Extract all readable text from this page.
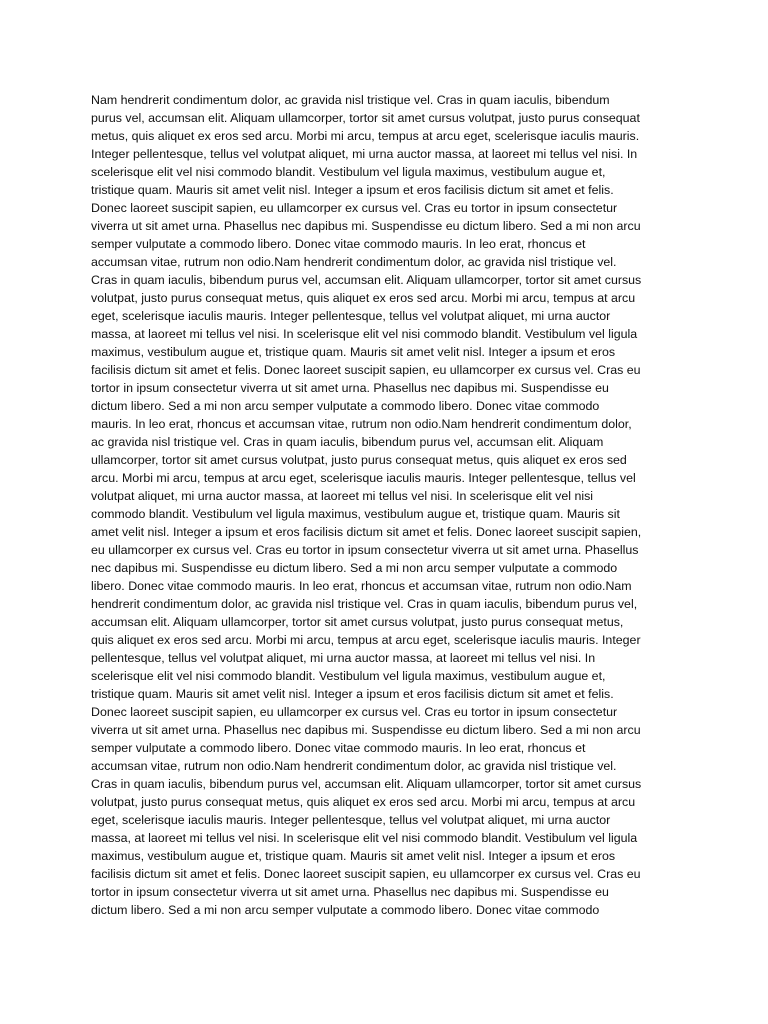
Nam hendrerit condimentum dolor, ac gravida nisl tristique vel. Cras in quam iaculis, bibendum
purus vel, accumsan elit. Aliquam ullamcorper, tortor sit amet cursus volutpat, justo purus consequat
metus, quis aliquet ex eros sed arcu. Morbi mi arcu, tempus at arcu eget, scelerisque iaculis mauris.
Integer pellentesque, tellus vel volutpat aliquet, mi urna auctor massa, at laoreet mi tellus vel nisi. In
scelerisque elit vel nisi commodo blandit. Vestibulum vel ligula maximus, vestibulum augue et,
tristique quam. Mauris sit amet velit nisl. Integer a ipsum et eros facilisis dictum sit amet et felis.
Donec laoreet suscipit sapien, eu ullamcorper ex cursus vel. Cras eu tortor in ipsum consectetur
viverra ut sit amet urna. Phasellus nec dapibus mi. Suspendisse eu dictum libero. Sed a mi non arcu
semper vulputate a commodo libero. Donec vitae commodo mauris. In leo erat, rhoncus et
accumsan vitae, rutrum non odio.Nam hendrerit condimentum dolor, ac gravida nisl tristique vel.
Cras in quam iaculis, bibendum purus vel, accumsan elit. Aliquam ullamcorper, tortor sit amet cursus
volutpat, justo purus consequat metus, quis aliquet ex eros sed arcu. Morbi mi arcu, tempus at arcu
eget, scelerisque iaculis mauris. Integer pellentesque, tellus vel volutpat aliquet, mi urna auctor
massa, at laoreet mi tellus vel nisi. In scelerisque elit vel nisi commodo blandit. Vestibulum vel ligula
maximus, vestibulum augue et, tristique quam. Mauris sit amet velit nisl. Integer a ipsum et eros
facilisis dictum sit amet et felis. Donec laoreet suscipit sapien, eu ullamcorper ex cursus vel. Cras eu
tortor in ipsum consectetur viverra ut sit amet urna. Phasellus nec dapibus mi. Suspendisse eu
dictum libero. Sed a mi non arcu semper vulputate a commodo libero. Donec vitae commodo
mauris. In leo erat, rhoncus et accumsan vitae, rutrum non odio.Nam hendrerit condimentum dolor,
ac gravida nisl tristique vel. Cras in quam iaculis, bibendum purus vel, accumsan elit. Aliquam
ullamcorper, tortor sit amet cursus volutpat, justo purus consequat metus, quis aliquet ex eros sed
arcu. Morbi mi arcu, tempus at arcu eget, scelerisque iaculis mauris. Integer pellentesque, tellus vel
volutpat aliquet, mi urna auctor massa, at laoreet mi tellus vel nisi. In scelerisque elit vel nisi
commodo blandit. Vestibulum vel ligula maximus, vestibulum augue et, tristique quam. Mauris sit
amet velit nisl. Integer a ipsum et eros facilisis dictum sit amet et felis. Donec laoreet suscipit sapien,
eu ullamcorper ex cursus vel. Cras eu tortor in ipsum consectetur viverra ut sit amet urna. Phasellus
nec dapibus mi. Suspendisse eu dictum libero. Sed a mi non arcu semper vulputate a commodo
libero. Donec vitae commodo mauris. In leo erat, rhoncus et accumsan vitae, rutrum non odio.Nam
hendrerit condimentum dolor, ac gravida nisl tristique vel. Cras in quam iaculis, bibendum purus vel,
accumsan elit. Aliquam ullamcorper, tortor sit amet cursus volutpat, justo purus consequat metus,
quis aliquet ex eros sed arcu. Morbi mi arcu, tempus at arcu eget, scelerisque iaculis mauris. Integer
pellentesque, tellus vel volutpat aliquet, mi urna auctor massa, at laoreet mi tellus vel nisi. In
scelerisque elit vel nisi commodo blandit. Vestibulum vel ligula maximus, vestibulum augue et,
tristique quam. Mauris sit amet velit nisl. Integer a ipsum et eros facilisis dictum sit amet et felis.
Donec laoreet suscipit sapien, eu ullamcorper ex cursus vel. Cras eu tortor in ipsum consectetur
viverra ut sit amet urna. Phasellus nec dapibus mi. Suspendisse eu dictum libero. Sed a mi non arcu
semper vulputate a commodo libero. Donec vitae commodo mauris. In leo erat, rhoncus et
accumsan vitae, rutrum non odio.Nam hendrerit condimentum dolor, ac gravida nisl tristique vel.
Cras in quam iaculis, bibendum purus vel, accumsan elit. Aliquam ullamcorper, tortor sit amet cursus
volutpat, justo purus consequat metus, quis aliquet ex eros sed arcu. Morbi mi arcu, tempus at arcu
eget, scelerisque iaculis mauris. Integer pellentesque, tellus vel volutpat aliquet, mi urna auctor
massa, at laoreet mi tellus vel nisi. In scelerisque elit vel nisi commodo blandit. Vestibulum vel ligula
maximus, vestibulum augue et, tristique quam. Mauris sit amet velit nisl. Integer a ipsum et eros
facilisis dictum sit amet et felis. Donec laoreet suscipit sapien, eu ullamcorper ex cursus vel. Cras eu
tortor in ipsum consectetur viverra ut sit amet urna. Phasellus nec dapibus mi. Suspendisse eu
dictum libero. Sed a mi non arcu semper vulputate a commodo libero. Donec vitae commodo
